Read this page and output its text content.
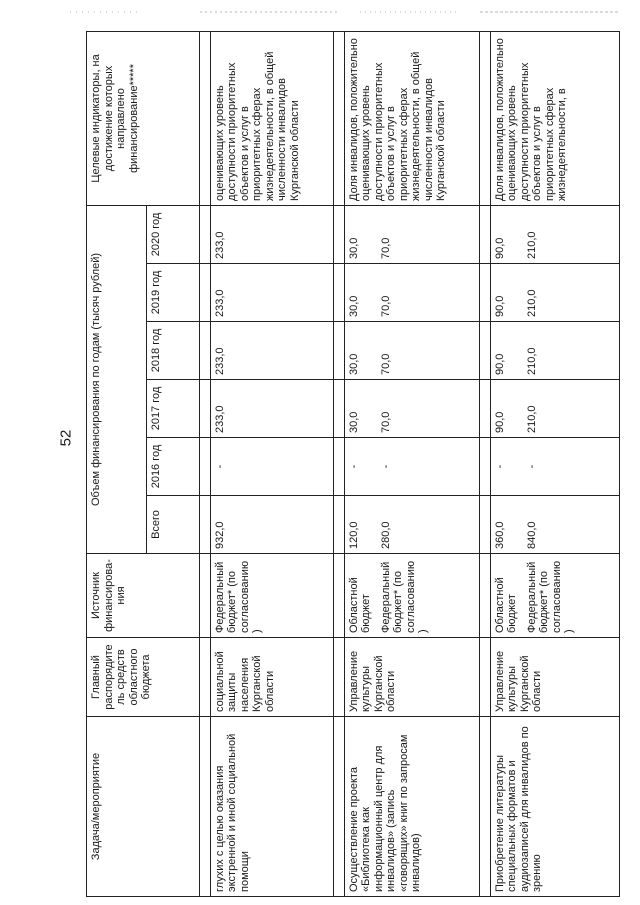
52
Задача/мероприятие	Главный распорядитель средств областного бюджета	Источник финансирова-ния	Объем финансирования по годам (тысяч рублей)						Целевые индикаторы, на достижение которых направлено финансирование*****
			Всего	2016 год	2017 год	2018 год	2019 год	2020 год	

глухих с целью оказания экстренной и иной социальной помощи	социальной защиты населения Курганской области	Федеральный бюджет* (по согласованию)	932,0	-	233,0	233,0	233,0	233,0	оценивающих уровень доступности приоритетных объектов и услуг в приоритетных сферах жизнедеятельности, в общей численности инвалидов Курганской области

Осуществление проекта «Библиотека как информационный центр для инвалидов» (запись «говорящих» книг по запросам инвалидов)	Управление культуры Курганской области	Областной бюджет	120,0	-	30,0	30,0	30,0	30,0	Доля инвалидов, положительно оценивающих уровень доступности приоритетных объектов и услуг в приоритетных сферах жизнедеятельности, в общей численности инвалидов Курганской области
		Федеральный бюджет* (по согласованию)	280,0	-	70,0	70,0	70,0	70,0	

Приобретение литературы специальных форматов и аудиозаписей для инвалидов по зрению	Управление культуры Курганской области	Областной бюджет	360,0	-	90,0	90,0	90,0	90,0	Доля инвалидов, положительно оценивающих уровень доступности приоритетных объектов и услуг в приоритетных сферах жизнедеятельности, в
		Федеральный бюджет* (по согласованию)	840,0	-	210,0	210,0	210,0	210,0	
